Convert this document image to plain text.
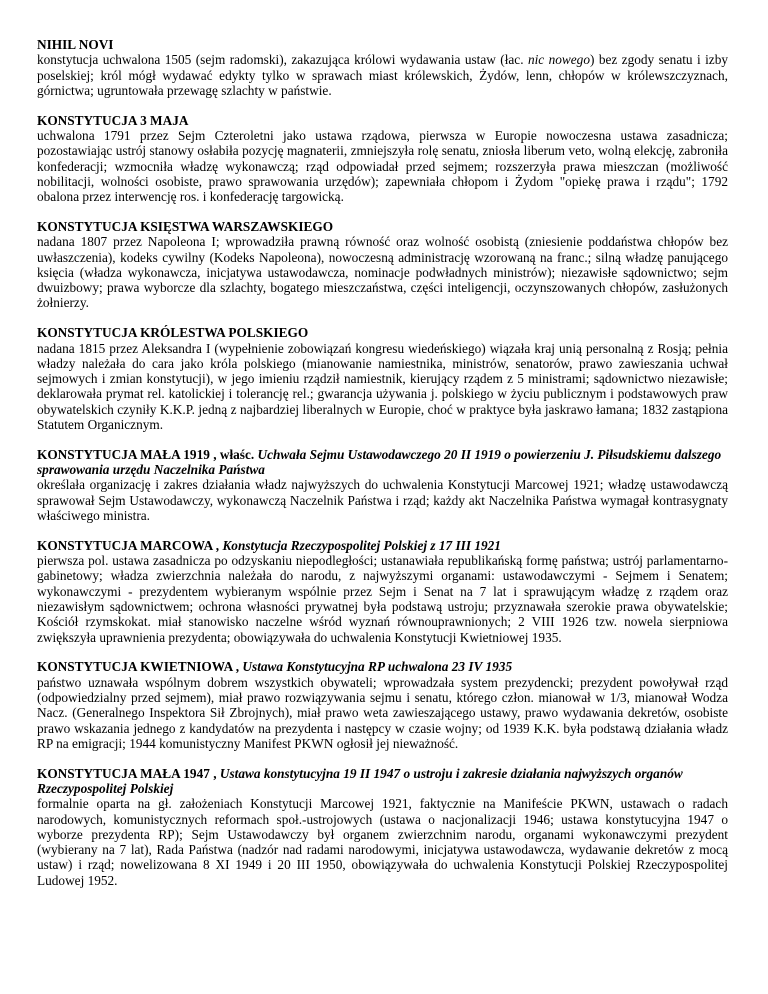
NIHIL NOVI
konstytucja uchwalona 1505 (sejm radomski), zakazująca królowi wydawania ustaw (łac. nic nowego) bez zgody senatu i izby poselskiej; król mógł wydawać edykty tylko w sprawach miast królewskich, Żydów, lenn, chłopów w królewszczyznach, górnictwa; ugruntowała przewagę szlachty w państwie.
KONSTYTUCJA 3 MAJA
uchwalona 1791 przez Sejm Czteroletni jako ustawa rządowa, pierwsza w Europie nowoczesna ustawa zasadnicza; pozostawiając ustrój stanowy osłabiła pozycję magnaterii, zmniejszyła rolę senatu, zniosła liberum veto, wolną elekcję, zabroniła konfederacji; wzmocniła władzę wykonawczą; rząd odpowiadał przed sejmem; rozszerzyła prawa mieszczan (możliwość nobilitacji, wolności osobiste, prawo sprawowania urzędów); zapewniała chłopom i Żydom "opiekę prawa i rządu"; 1792 obalona przez interwencję ros. i konfederację targowicką.
KONSTYTUCJA KSIĘSTWA WARSZAWSKIEGO
nadana 1807 przez Napoleona I; wprowadziła prawną równość oraz wolność osobistą (zniesienie poddaństwa chłopów bez uwłaszczenia), kodeks cywilny (Kodeks Napoleona), nowoczesną administrację wzorowaną na franc.; silną władzę panującego księcia (władza wykonawcza, inicjatywa ustawodawcza, nominacje podwładnych ministrów); niezawisłe sądownictwo; sejm dwuizbowy; prawa wyborcze dla szlachty, bogatego mieszczaństwa, części inteligencji, oczynszowanych chłopów, zasłużonych żołnierzy.
KONSTYTUCJA KRÓLESTWA POLSKIEGO
nadana 1815 przez Aleksandra I (wypełnienie zobowiązań kongresu wiedeńskiego) wiązała kraj unią personalną z Rosją; pełnia władzy należała do cara jako króla polskiego (mianowanie namiestnika, ministrów, senatorów, prawo zawieszania uchwał sejmowych i zmian konstytucji), w jego imieniu rządził namiestnik, kierujący rządem z 5 ministrami; sądownictwo niezawisłe; deklarowała prymat rel. katolickiej i tolerancję rel.; gwarancja używania j. polskiego w życiu publicznym i podstawowych praw obywatelskich czyniły K.K.P. jedną z najbardziej liberalnych w Europie, choć w praktyce była jaskrawo łamana; 1832 zastąpiona Statutem Organicznym.
KONSTYTUCJA MAŁA 1919 , właśc. Uchwała Sejmu Ustawodawczego 20 II 1919 o powierzeniu J. Piłsudskiemu dalszego sprawowania urzędu Naczelnika Państwa
określała organizację i zakres działania władz najwyższych do uchwalenia Konstytucji Marcowej 1921; władzę ustawodawczą sprawował Sejm Ustawodawczy, wykonawczą Naczelnik Państwa i rząd; każdy akt Naczelnika Państwa wymagał kontrasygnaty właściwego ministra.
KONSTYTUCJA MARCOWA , Konstytucja Rzeczypospolitej Polskiej z 17 III 1921
pierwsza pol. ustawa zasadnicza po odzyskaniu niepodległości; ustanawiała republikańską formę państwa; ustrój parlamentarno-gabinetowy; władza zwierzchnia należała do narodu, z najwyższymi organami: ustawodawczymi - Sejmem i Senatem; wykonawczymi - prezydentem wybieranym wspólnie przez Sejm i Senat na 7 lat i sprawującym władzę z rządem oraz niezawisłym sądownictwem; ochrona własności prywatnej była podstawą ustroju; przyznawała szerokie prawa obywatelskie; Kościół rzymskokat. miał stanowisko naczelne wśród wyznań równouprawnionych; 2 VIII 1926 tzw. nowela sierpniowa zwiększyła uprawnienia prezydenta; obowiązywała do uchwalenia Konstytucji Kwietniowej 1935.
KONSTYTUCJA KWIETNIOWA , Ustawa Konstytucyjna RP uchwalona 23 IV 1935
państwo uznawała wspólnym dobrem wszystkich obywateli; wprowadzała system prezydencki; prezydent powoływał rząd (odpowiedzialny przed sejmem), miał prawo rozwiązywania sejmu i senatu, którego człon. mianował w 1/3, mianował Wodza Nacz. (Generalnego Inspektora Sił Zbrojnych), miał prawo weta zawieszającego ustawy, prawo wydawania dekretów, osobiste prawo wskazania jednego z kandydatów na prezydenta i następcy w czasie wojny; od 1939 K.K. była podstawą działania władz RP na emigracji; 1944 komunistyczny Manifest PKWN ogłosił jej nieważność.
KONSTYTUCJA MAŁA 1947 , Ustawa konstytucyjna 19 II 1947 o ustroju i zakresie działania najwyższych organów Rzeczypospolitej Polskiej
formalnie oparta na gł. założeniach Konstytucji Marcowej 1921, faktycznie na Manifeście PKWN, ustawach o radach narodowych, komunistycznych reformach społ.-ustrojowych (ustawa o nacjonalizacji 1946; ustawa konstytucyjna 1947 o wyborze prezydenta RP); Sejm Ustawodawczy był organem zwierzchnim narodu, organami wykonawczymi prezydent (wybierany na 7 lat), Rada Państwa (nadzór nad radami narodowymi, inicjatywa ustawodawcza, wydawanie dekretów z mocą ustaw) i rząd; nowelizowana 8 XI 1949 i 20 III 1950, obowiązywała do uchwalenia Konstytucji Polskiej Rzeczypospolitej Ludowej 1952.
